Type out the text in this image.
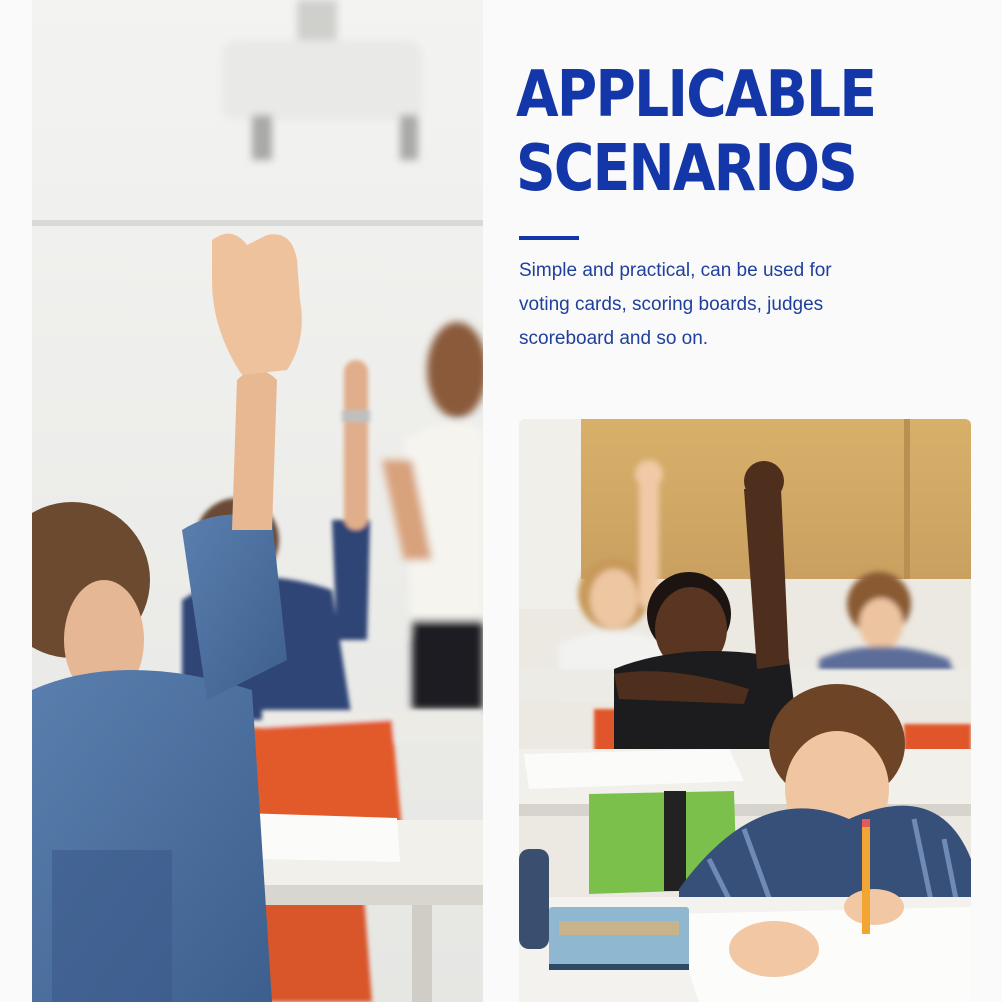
APPLICABLE
SCENARIOS

Simple and practical, can be used for voting cards, scoring boards, judges scoreboard and so on.
